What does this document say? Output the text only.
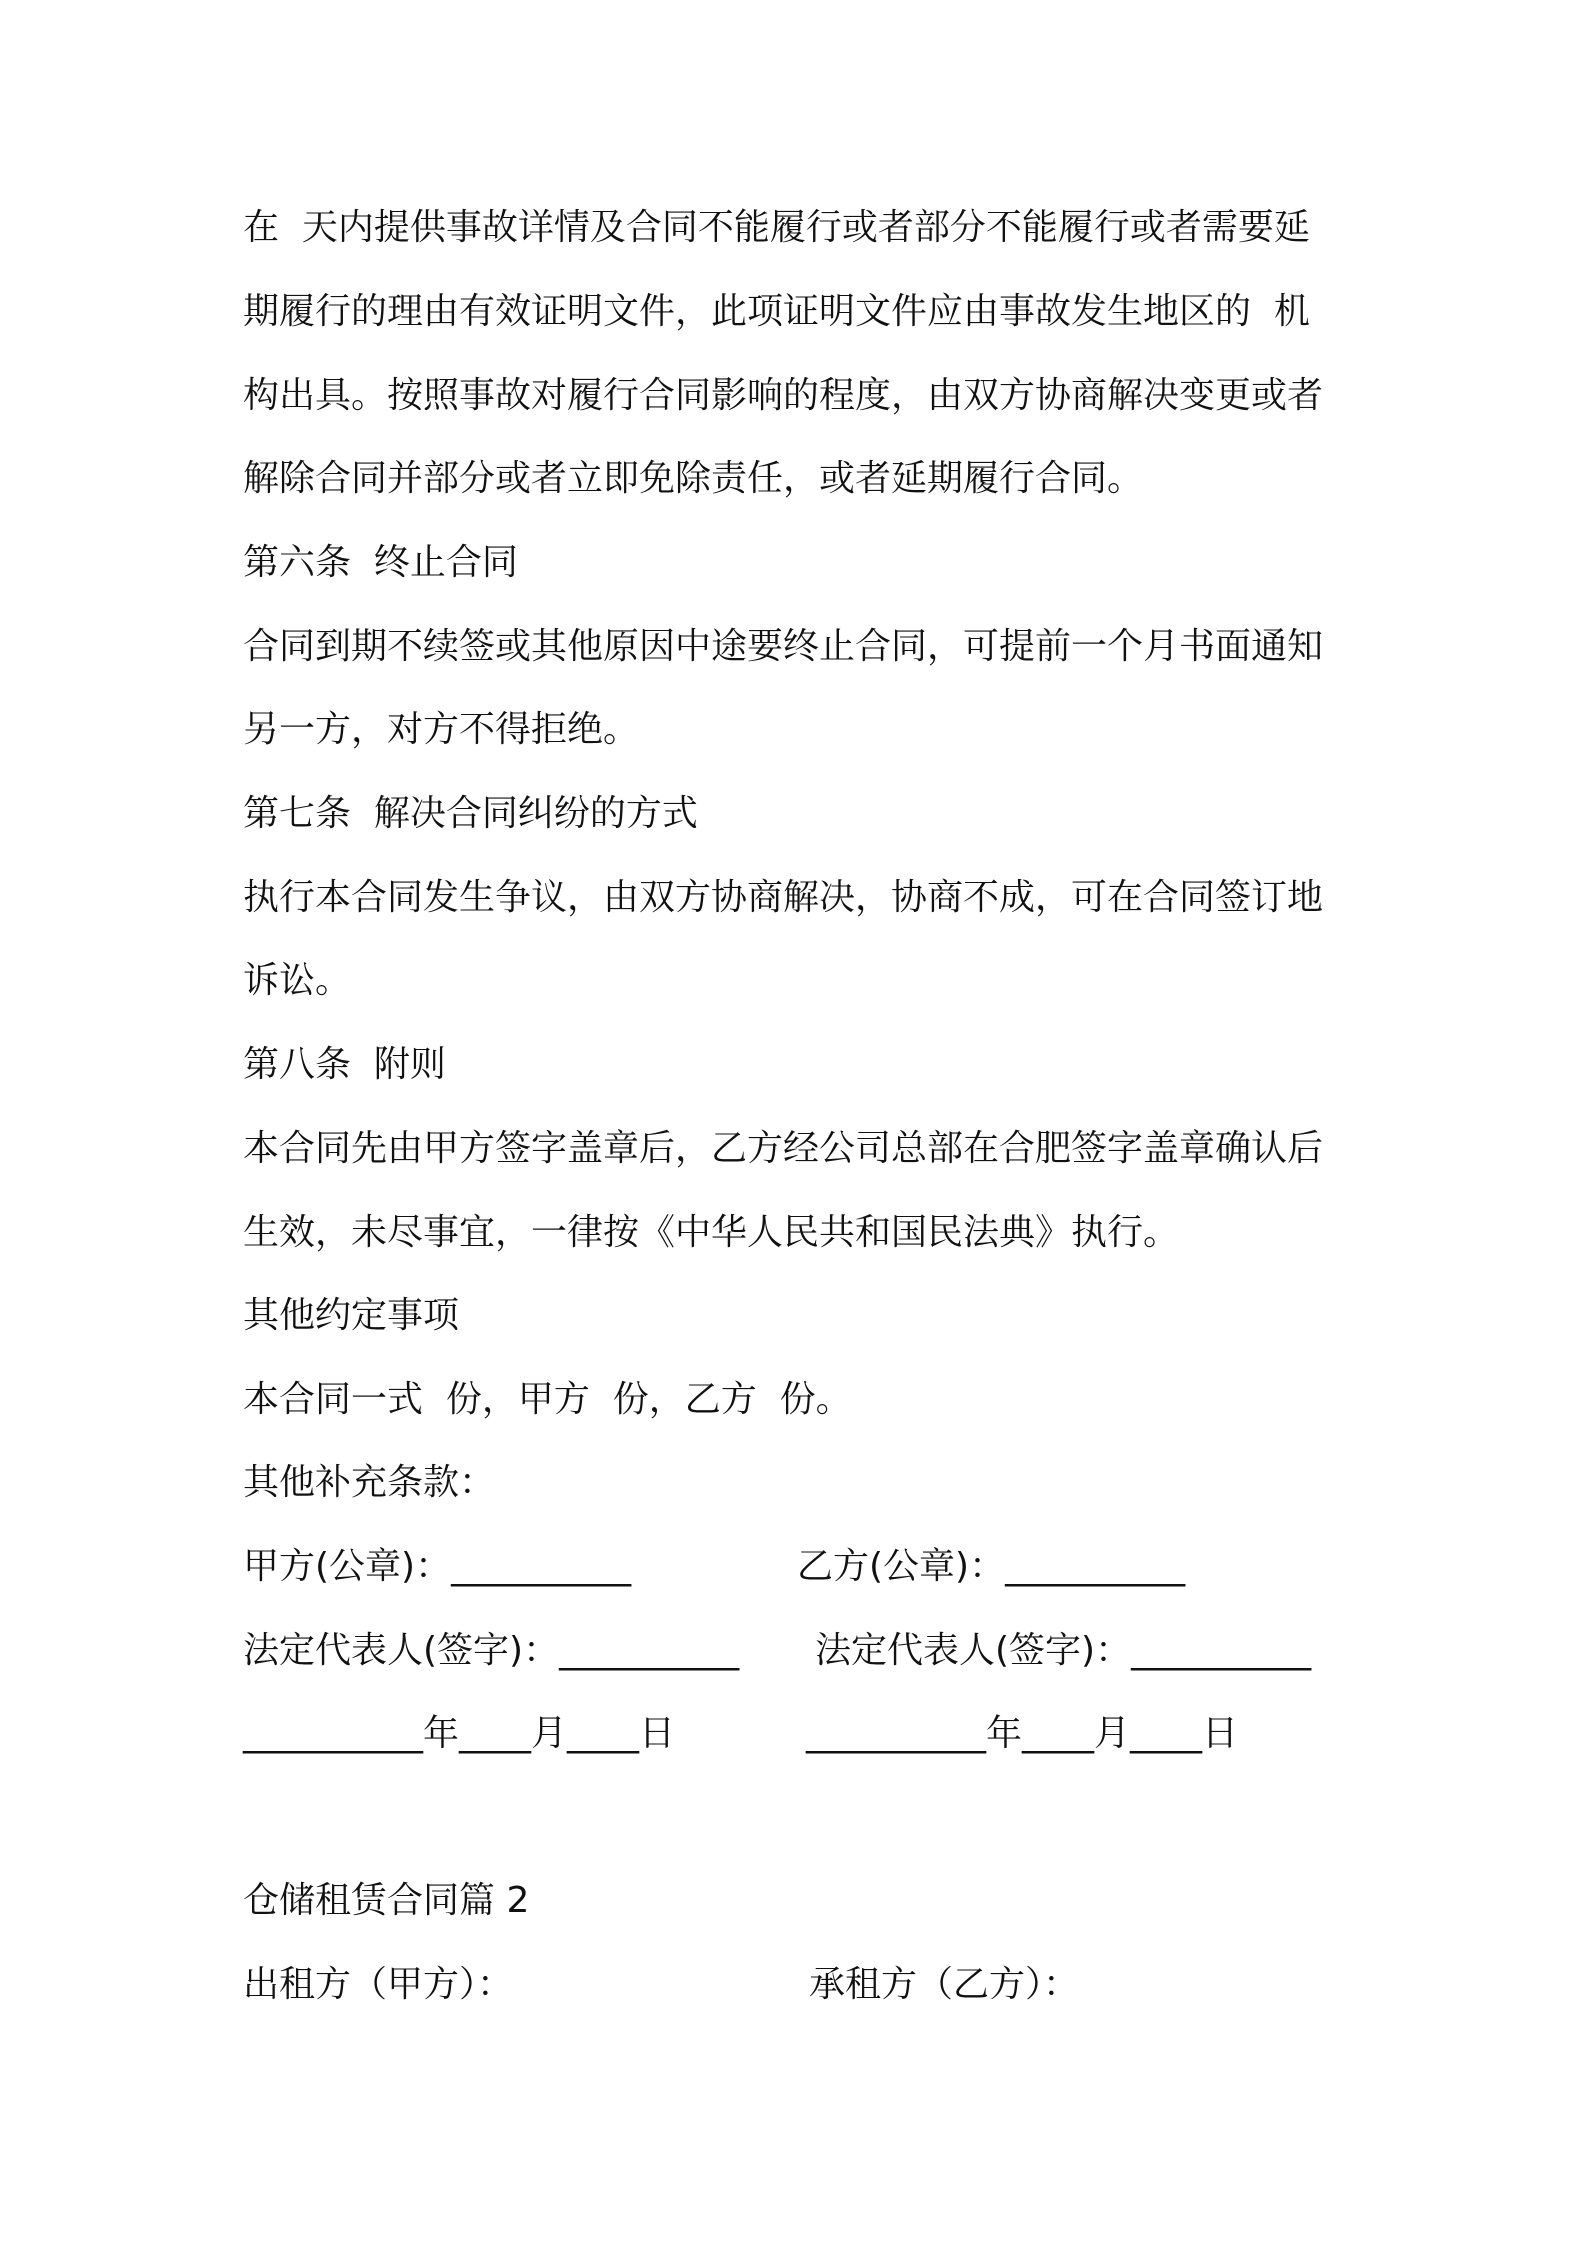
在  天内提供事故详情及合同不能履行或者部分不能履行或者需要延
期履行的理由有效证明文件，此项证明文件应由事故发生地区的  机
构出具。按照事故对履行合同影响的程度，由双方协商解决变更或者
解除合同并部分或者立即免除责任，或者延期履行合同。
第六条  终止合同
合同到期不续签或其他原因中途要终止合同，可提前一个月书面通知
另一方，对方不得拒绝。
第七条  解决合同纠纷的方式
执行本合同发生争议，由双方协商解决，协商不成，可在合同签订地
诉讼。
第八条  附则
本合同先由甲方签字盖章后，乙方经公司总部在合肥签字盖章确认后
生效，未尽事宜，一律按《中华人民共和国民法典》执行。
其他约定事项
本合同一式  份，甲方  份，乙方  份。
其他补充条款：
甲方(公章)：__________	乙方(公章)：__________
法定代表人(签字)：__________ 法定代表人(签字)：__________
__________年____月____日	__________年____月____日
仓储租赁合同篇 2
出租方（甲方）：	承租方（乙方）：
